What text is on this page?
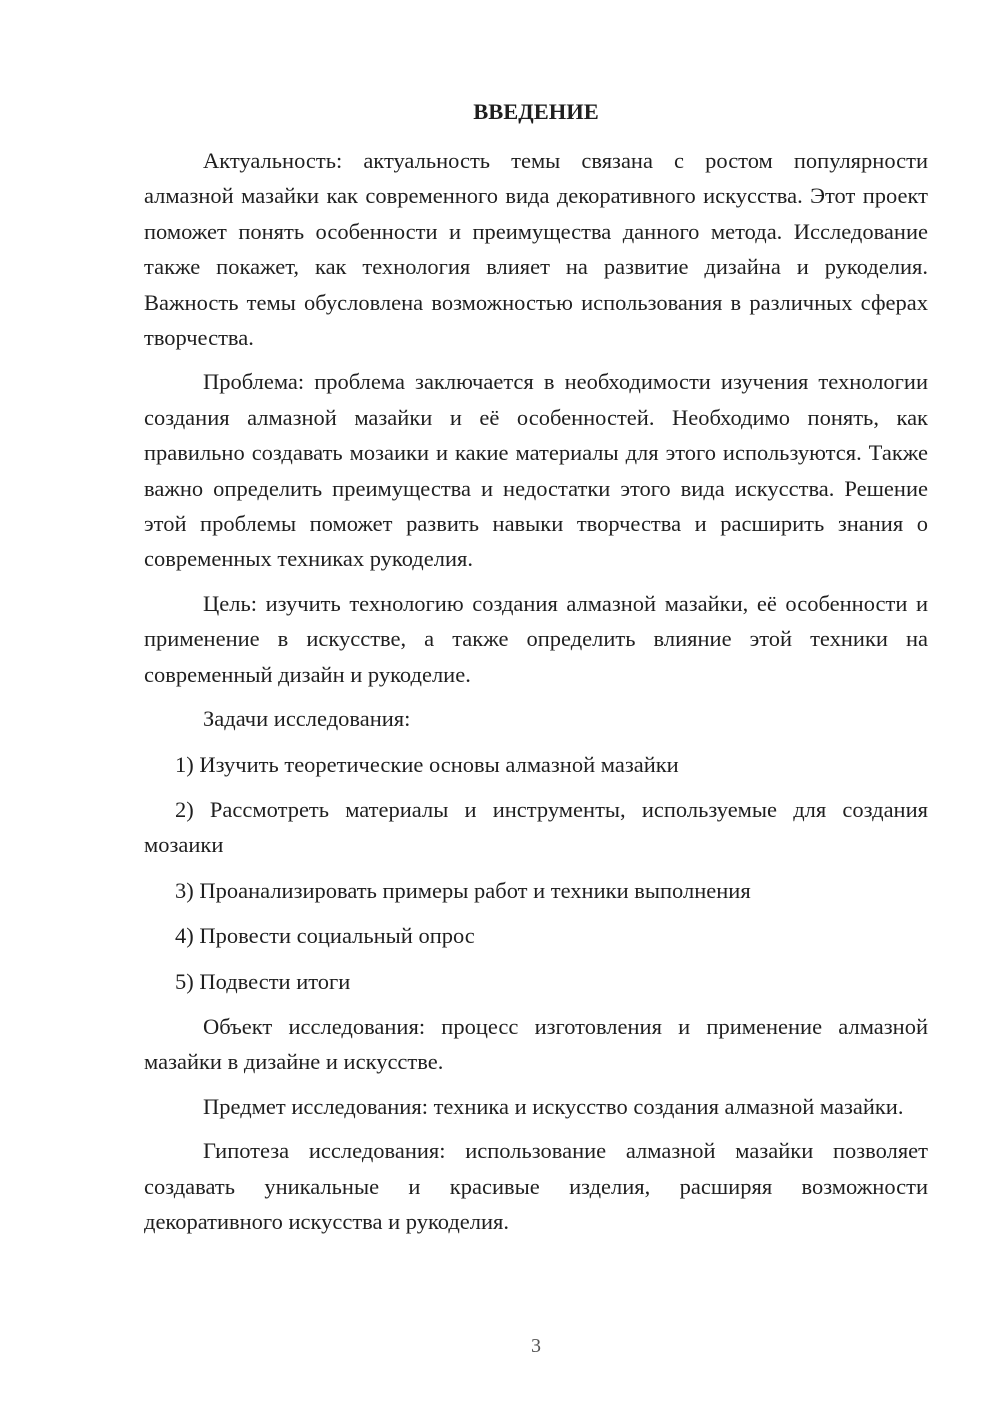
ВВЕДЕНИЕ

Актуальность: актуальность темы связана с ростом популярности алмазной мазайки как современного вида декоративного искусства. Этот проект поможет понять особенности и преимущества данного метода. Исследование также покажет, как технология влияет на развитие дизайна и рукоделия. Важность темы обусловлена возможностью использования в различных сферах творчества.

Проблема: проблема заключается в необходимости изучения технологии создания алмазной мазайки и её особенностей. Необходимо понять, как правильно создавать мозаики и какие материалы для этого используются. Также важно определить преимущества и недостатки этого вида искусства. Решение этой проблемы поможет развить навыки творчества и расширить знания о современных техниках рукоделия.

Цель: изучить технологию создания алмазной мазайки, её особенности и применение в искусстве, а также определить влияние этой техники на современный дизайн и рукоделие.

Задачи исследования:

1) Изучить теоретические основы алмазной мазайки

2) Рассмотреть материалы и инструменты, используемые для создания мозаики

3) Проанализировать примеры работ и техники выполнения

4) Провести социальный опрос

5) Подвести итоги

Объект исследования: процесс изготовления и применение алмазной мазайки в дизайне и искусстве.

Предмет исследования: техника и искусство создания алмазной мазайки.

Гипотеза исследования: использование алмазной мазайки позволяет создавать уникальные и красивые изделия, расширяя возможности декоративного искусства и рукоделия.

3
